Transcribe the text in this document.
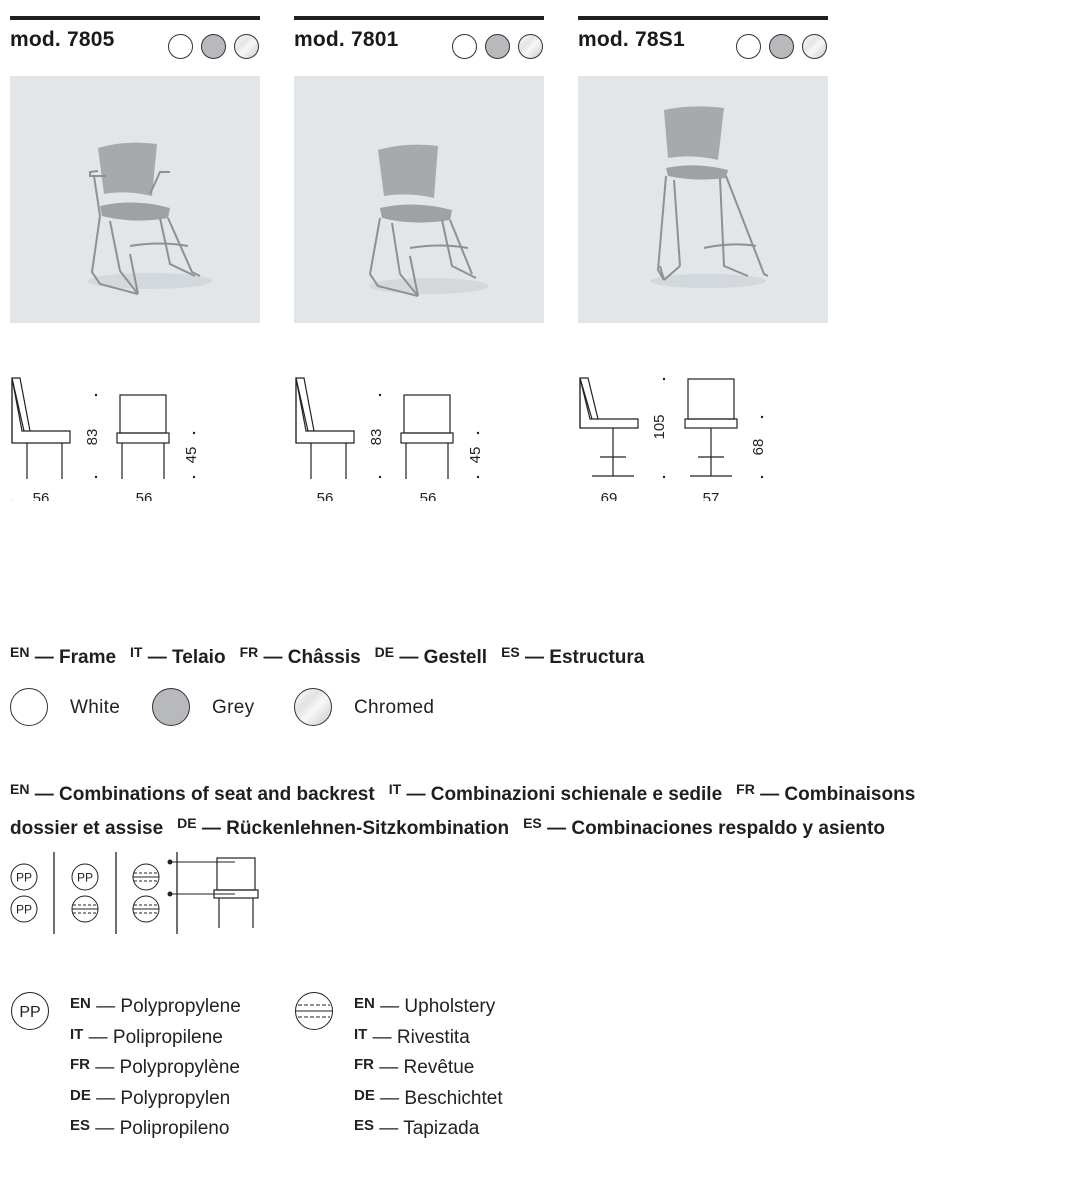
mod. 7805
56	56
83
45
mod. 7801
56	56
83
45
mod. 78S1
69	57
105
68
$^{EN}$ — Frame $^{IT}$ — Telaio $^{FR}$ — Châssis $^{DE}$ — Gestell $^{ES}$ — Estructura
White	Grey	Chromed
$^{EN}$ — Combinations of seat and backrest $^{IT}$ — Combinazioni schienale e sedile $^{FR}$ — Combinaisons
dossier et assise $^{DE}$ — Rückenlehnen-Sitzkombination $^{ES}$ — Combinaciones respaldo y asiento
PP
PP
PP
PP
$^{EN}$ — Polypropylene
$^{IT}$ — Polipropilene
$^{FR}$ — Polypropylène
$^{DE}$ — Polypropylen
$^{ES}$ — Polipropileno
$^{EN}$ — Upholstery
$^{IT}$ — Rivestita
$^{FR}$ — Revêtue
$^{DE}$ — Beschichtet
$^{ES}$ — Tapizada
